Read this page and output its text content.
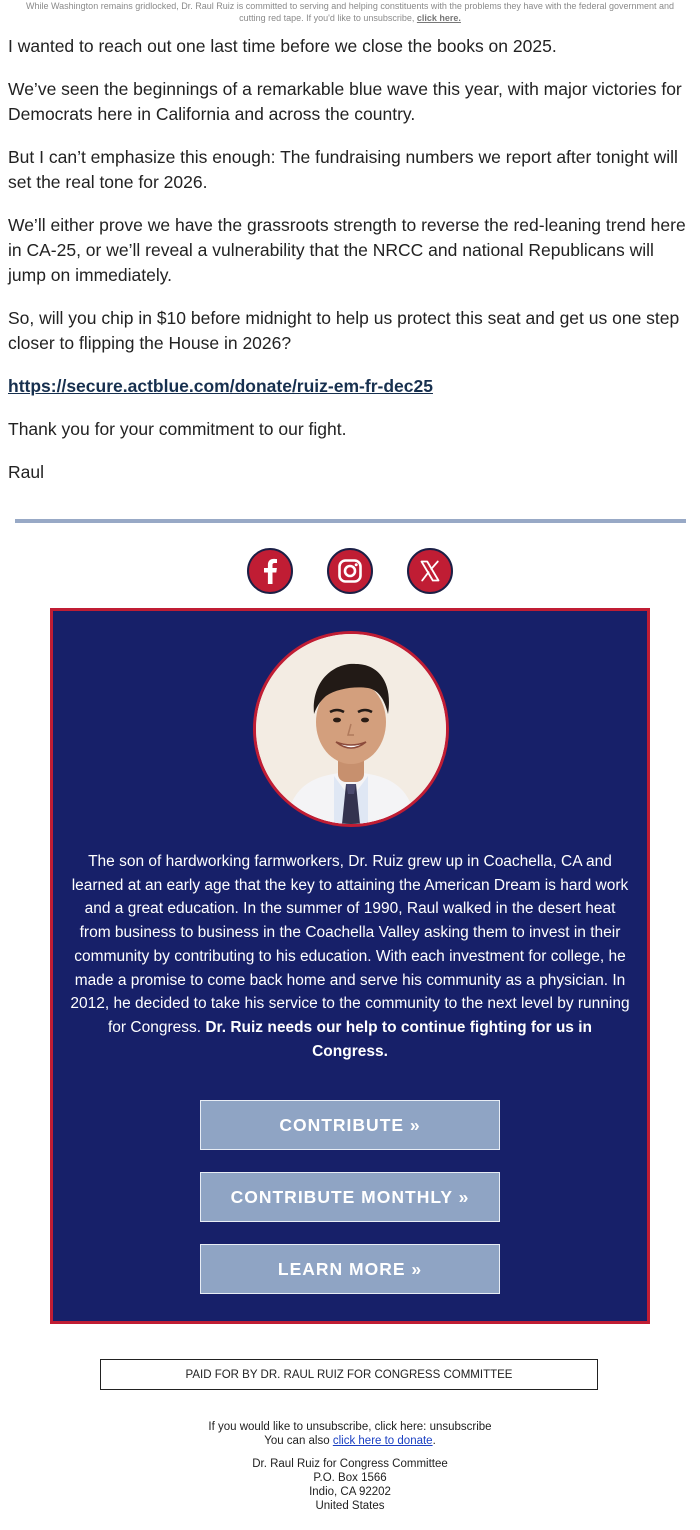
While Washington remains gridlocked, Dr. Raul Ruiz is committed to serving and helping constituents with the problems they have with the federal government and cutting red tape. If you'd like to unsubscribe, click here.

I wanted to reach out one last time before we close the books on 2025.

We’ve seen the beginnings of a remarkable blue wave this year, with major victories for Democrats here in California and across the country.

But I can’t emphasize this enough: The fundraising numbers we report after tonight will set the real tone for 2026.

We’ll either prove we have the grassroots strength to reverse the red-leaning trend here in CA-25, or we’ll reveal a vulnerability that the NRCC and national Republicans will jump on immediately.

So, will you chip in $10 before midnight to help us protect this seat and get us one step closer to flipping the House in 2026?

https://secure.actblue.com/donate/ruiz-em-fr-dec25

Thank you for your commitment to our fight.

Raul

The son of hardworking farmworkers, Dr. Ruiz grew up in Coachella, CA and learned at an early age that the key to attaining the American Dream is hard work and a great education. In the summer of 1990, Raul walked in the desert heat from business to business in the Coachella Valley asking them to invest in their community by contributing to his education. With each investment for college, he made a promise to come back home and serve his community as a physician. In 2012, he decided to take his service to the community to the next level by running for Congress. Dr. Ruiz needs our help to continue fighting for us in Congress.
CONTRIBUTE »
CONTRIBUTE MONTHLY »
LEARN MORE »
PAID FOR BY DR. RAUL RUIZ FOR CONGRESS COMMITTEE
If you would like to unsubscribe, click here: unsubscribe
You can also click here to donate.
Dr. Raul Ruiz for Congress Committee
P.O. Box 1566
Indio, CA 92202
United States
